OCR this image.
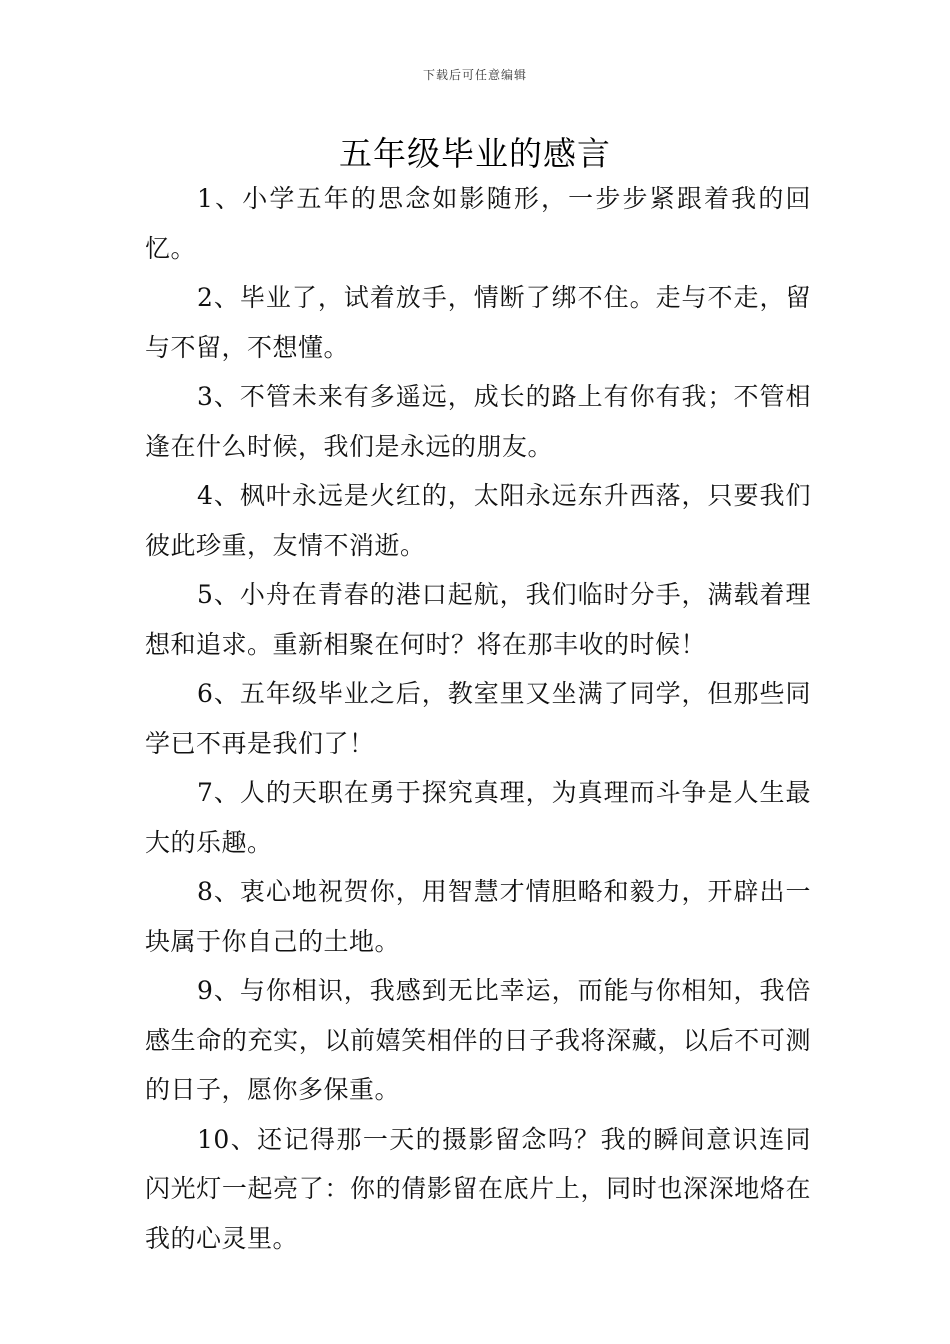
下载后可任意编辑
五年级毕业的感言

1、小学五年的思念如影随形，一步步紧跟着我的回忆。

2、毕业了，试着放手，情断了绑不住。走与不走，留与不留，不想懂。

3、不管未来有多遥远，成长的路上有你有我；不管相逢在什么时候，我们是永远的朋友。

4、枫叶永远是火红的，太阳永远东升西落，只要我们彼此珍重，友情不消逝。

5、小舟在青春的港口起航，我们临时分手，满载着理想和追求。重新相聚在何时？将在那丰收的时候！

6、五年级毕业之后，教室里又坐满了同学，但那些同学已不再是我们了！

7、人的天职在勇于探究真理，为真理而斗争是人生最大的乐趣。

8、衷心地祝贺你，用智慧才情胆略和毅力，开辟出一块属于你自己的土地。

9、与你相识，我感到无比幸运，而能与你相知，我倍感生命的充实，以前嬉笑相伴的日子我将深藏，以后不可测的日子，愿你多保重。

10、还记得那一天的摄影留念吗？我的瞬间意识连同闪光灯一起亮了：你的倩影留在底片上，同时也深深地烙在我的心灵里。
